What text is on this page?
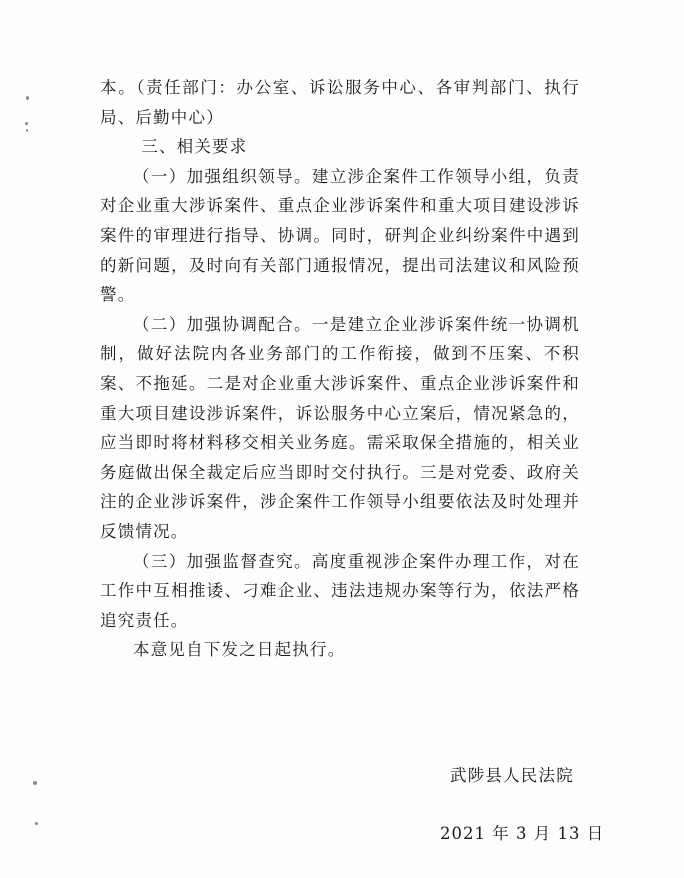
本。（责任部门：办公室、诉讼服务中心、各审判部门、执行局、后勤中心）

三、相关要求

（一）加强组织领导。建立涉企案件工作领导小组，负责对企业重大涉诉案件、重点企业涉诉案件和重大项目建设涉诉案件的审理进行指导、协调。同时，研判企业纠纷案件中遇到的新问题，及时向有关部门通报情况，提出司法建议和风险预警。

（二）加强协调配合。一是建立企业涉诉案件统一协调机制，做好法院内各业务部门的工作衔接，做到不压案、不积案、不拖延。二是对企业重大涉诉案件、重点企业涉诉案件和重大项目建设涉诉案件，诉讼服务中心立案后，情况紧急的，应当即时将材料移交相关业务庭。需采取保全措施的，相关业务庭做出保全裁定后应当即时交付执行。三是对党委、政府关注的企业涉诉案件，涉企案件工作领导小组要依法及时处理并反馈情况。

（三）加强监督查究。高度重视涉企案件办理工作，对在工作中互相推诿、刁难企业、违法违规办案等行为，依法严格追究责任。

本意见自下发之日起执行。

武陟县人民法院
2021 年 3 月 13 日
